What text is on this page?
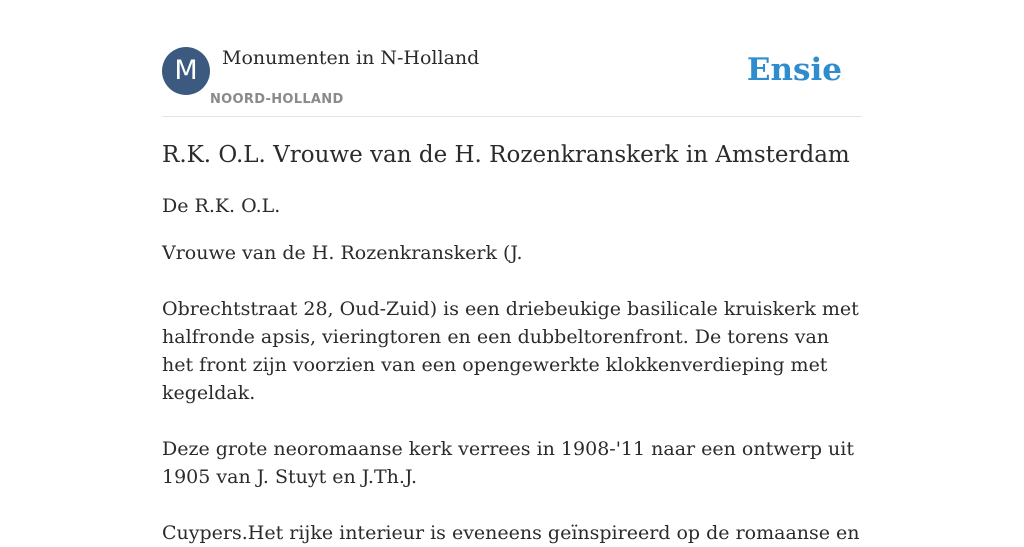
M	Monumenten in N-Holland
NOORD-HOLLAND
Ensie
R.K. O.L. Vrouwe van de H. Rozenkranskerk in Amsterdam

De R.K. O.L.

Vrouwe van de H. Rozenkranskerk (J.

Obrechtstraat 28, Oud-Zuid) is een driebeukige basilicale kruiskerk met halfronde apsis, vieringtoren en een dubbeltorenfront. De torens van het front zijn voorzien van een opengewerkte klokkenverdieping met kegeldak.

Deze grote neoromaanse kerk verrees in 1908-'11 naar een ontwerp uit 1905 van J. Stuyt en J.Th.J.

Cuypers.Het rijke interieur is eveneens geïnspireerd op de romaanse en
